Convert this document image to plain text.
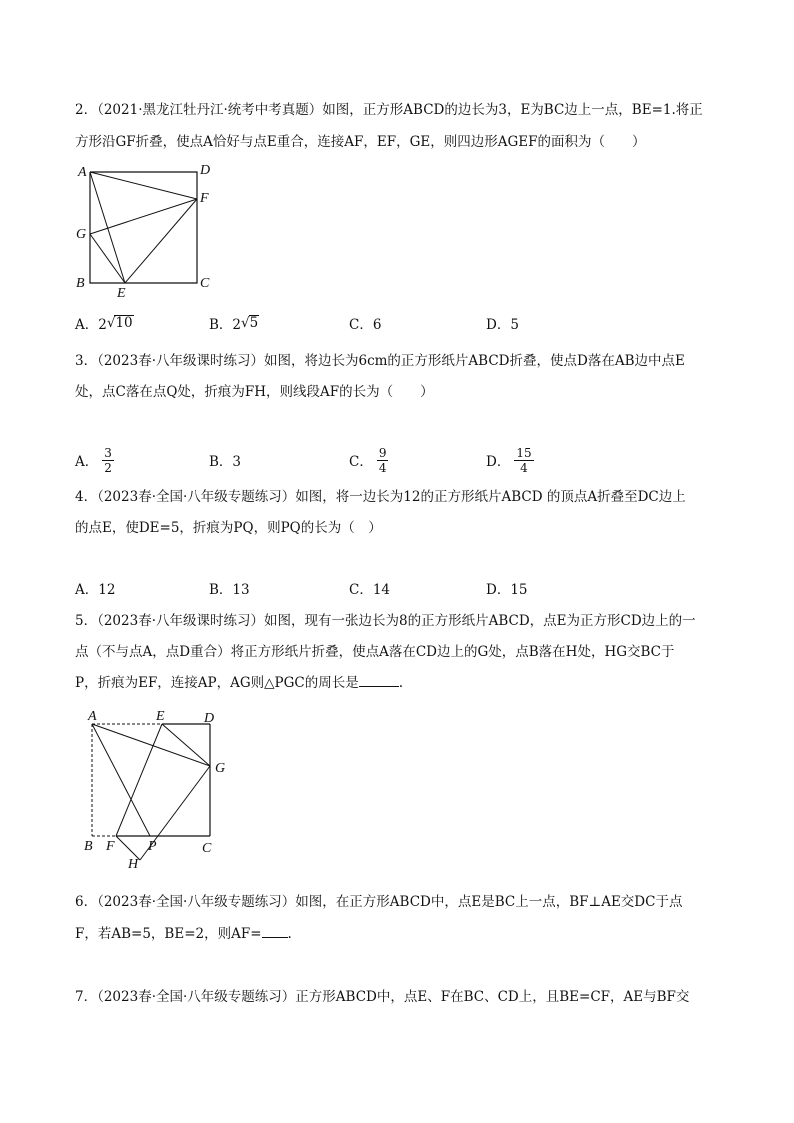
2．（2021·黑龙江牡丹江·统考中考真题）如图，正方形ABCD的边长为3，E为BC边上一点，BE=1.将正
方形沿GF折叠，使点A恰好与点E重合，连接AF，EF，GE，则四边形AGEF的面积为（　　）
A	D
F
G
B
E
C
A．2 √10	B．2 √5	C．6	D．5
3．（2023春·八年级课时练习）如图，将边长为6cm的正方形纸片ABCD折叠，使点D落在AB边中点E
处，点C落在点Q处，折痕为FH，则线段AF的长为（　　）
A． $\frac{3}{2}$	B．3	C． $\frac{9}{4}$	D． $\frac{15}{4}$
4．（2023春·全国·八年级专题练习）如图，将一边长为12的正方形纸片ABCD 的顶点A折叠至DC边上
的点E，使DE=5，折痕为PQ，则PQ的长为（　）
A．12	B．13	C．14	D．15
5．（2023春·八年级课时练习）如图，现有一张边长为8的正方形纸片ABCD，点E为正方形CD边上的一
点（不与点A，点D重合）将正方形纸片折叠，使点A落在CD边上的G处，点B落在H处，HG交BC于
P，折痕为EF，连接AP，AG则△PGC的周长是	.
A	E	D
G
B F P	C
H
6．（2023春·全国·八年级专题练习）如图，在正方形ABCD中，点E是BC上一点，BF⊥AE交DC于点
F，若AB=5，BE=2，则AF= .
7．（2023春·全国·八年级专题练习）正方形ABCD中，点E、F在BC、CD上，且BE=CF，AE与BF交
